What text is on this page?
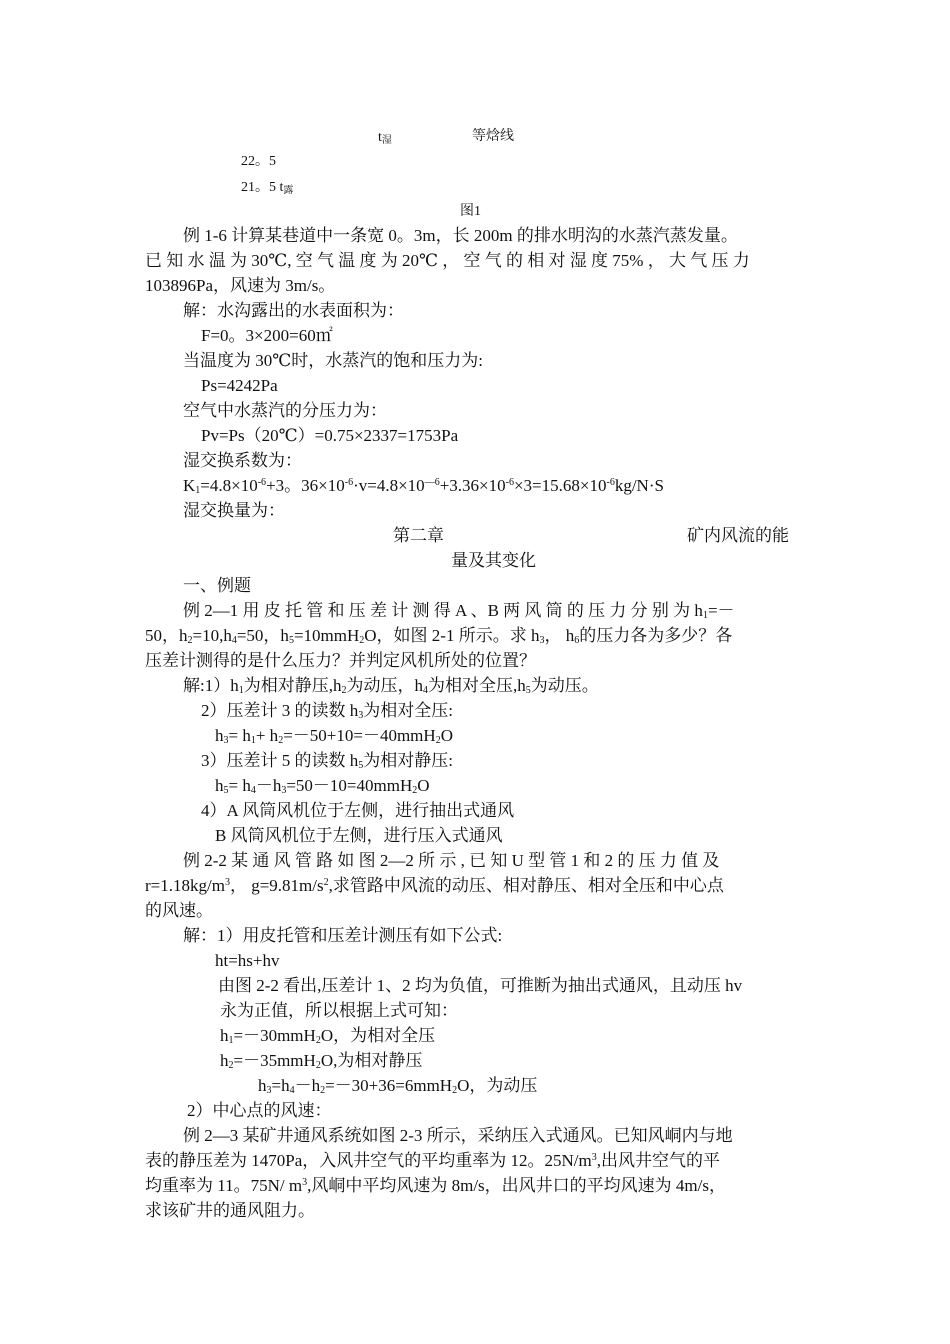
$t_湿$	等焓线
22。5
21。5 $t_露$
图1
例 1-6 计算某巷道中一条宽 0。3m，长 200m 的排水明沟的水蒸汽蒸发量。
已 知 水 温 为 30℃, 空 气 温 度 为 20℃ ， 空 气 的 相 对 湿 度 75% ， 大 气 压 力
103896Pa，风速为 3m/s。
解：水沟露出的水表面积为：
F=0。3×200=60㎡
当温度为 30℃时，水蒸汽的饱和压力为:
Ps=4242Pa
空气中水蒸汽的分压力为：
Pv=Ps（20℃）=0.75×2337=1753Pa
湿交换系数为：
$K_1=4.8\times 10^{-6}+3$。$36\times 10^{-6}\cdot v=4.8\times 10^{—6}+3.36\times 10^{-6}\times 3=15.68\times 10^{-6}kg/N\cdot S$
湿交换量为：
第二章	矿内风流的能
量及其变化
一、例题
例 2—1 用 皮 托 管 和 压 差 计 测 得 A 、B 两 风 筒 的 压 力 分 别 为 $h_1=-$
50，$h_2=10,h_4=50$，$h_5=10mmH_2O$，如图 2-1 所示。求 $h_3$， $h_6$的压力各为多少？各
压差计测得的是什么压力？并判定风机所处的位置？
解$:1)h_1$为相对静压$,h_2$为动压，$h_4$为相对全压$,h_5$为动压。
2）压差计 3 的读数 $h_3$为相对全压:
$h_3= h_1+ h_2=-50+10=-40mmH_2O$
3）压差计 5 的读数 $h_5$为相对静压:
$h_5= h_4-h_3=50-10=40mmH_2O$
4）A 风筒风机位于左侧，进行抽出式通风
B 风筒风机位于左侧，进行压入式通风
例 2-2 某 通 风 管 路 如 图 2—2 所 示 , 已 知 U 型 管 1 和 2 的 压 力 值 及
$r=1.18kg/m^3$， $g=9.81m/s^2$,求管路中风流的动压、相对静压、相对全压和中心点
的风速。
解：1）用皮托管和压差计测压有如下公式:
ht=hs+hv
由图 2-2 看出,压差计 1、2 均为负值，可推断为抽出式通风，且动压 hv
永为正值，所以根据上式可知：
$h_1=-30mmH_2O$，为相对全压
$h_2=-35mmH_2O$,为相对静压
$h_3=h_4-h_2=-30+36=6mmH_2O$，为动压
2）中心点的风速：
例 2—3 某矿井通风系统如图 2-3 所示，采纳压入式通风。已知风峒内与地
表的静压差为 1470Pa，入风井空气的平均重率为 12。$25N/m^3$,出风井空气的平
均重率为 11。75N/ $m^3$,风峒中平均风速为 8m/s，出风井口的平均风速为 4m/s，
求该矿井的通风阻力。
